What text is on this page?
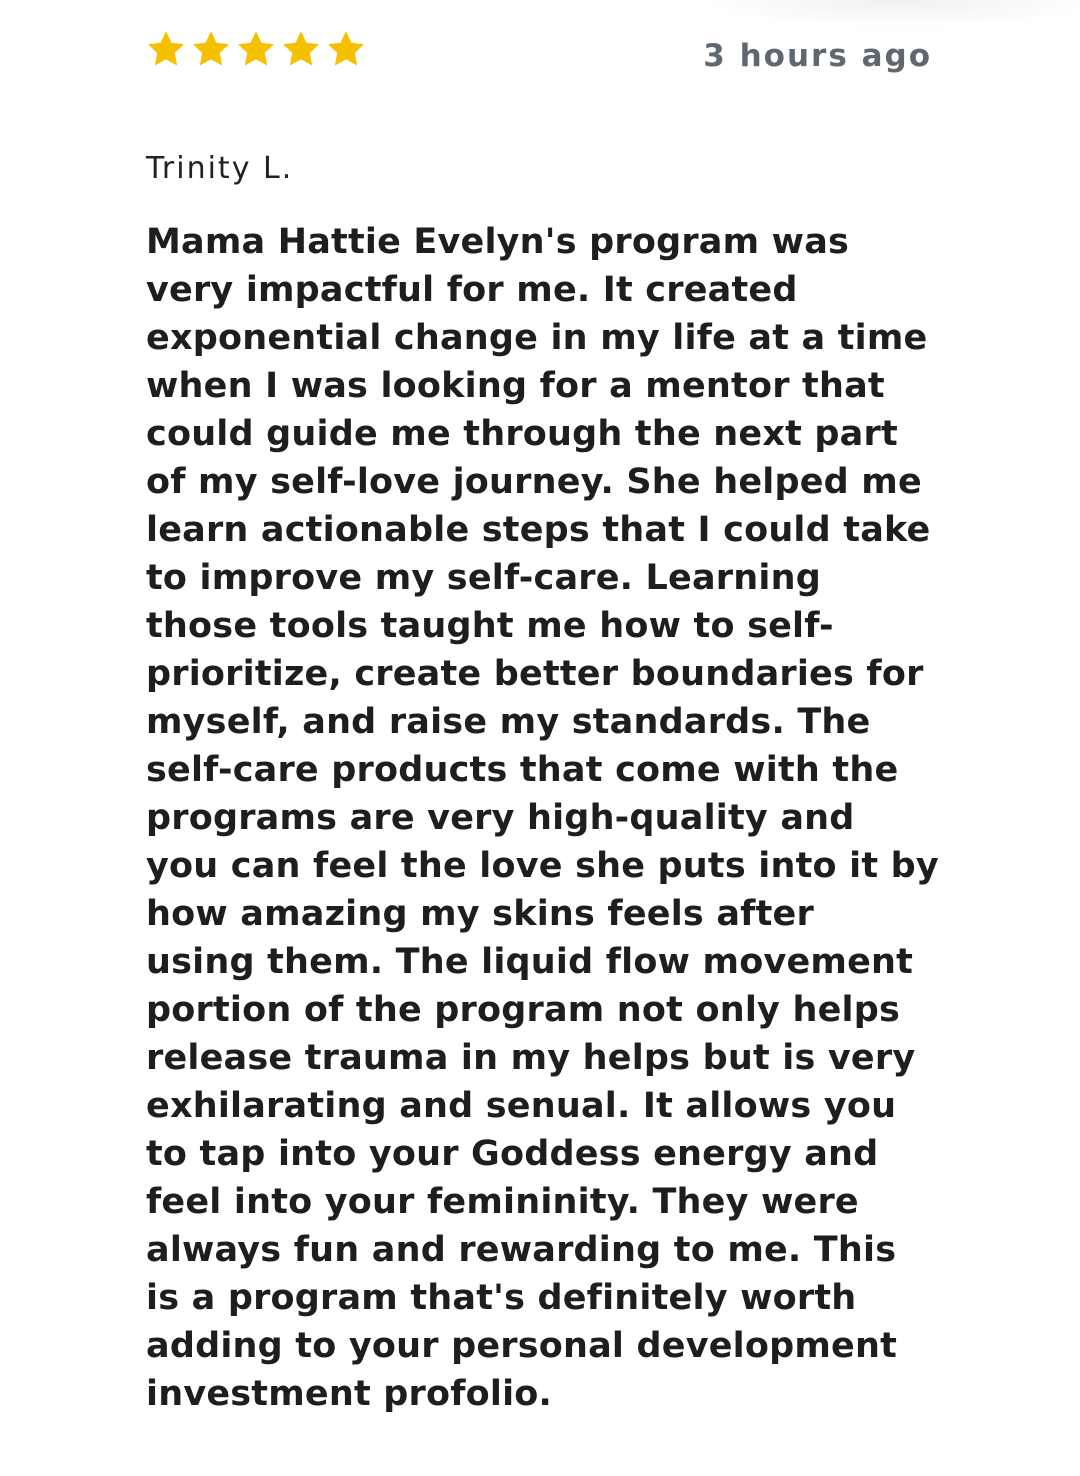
3 hours ago
Trinity L.

Mama Hattie Evelyn's program was
very impactful for me. It created
exponential change in my life at a time
when I was looking for a mentor that
could guide me through the next part
of my self-love journey. She helped me
learn actionable steps that I could take
to improve my self-care. Learning
those tools taught me how to self-
prioritize, create better boundaries for
myself, and raise my standards. The
self-care products that come with the
programs are very high-quality and
you can feel the love she puts into it by
how amazing my skins feels after
using them. The liquid flow movement
portion of the program not only helps
release trauma in my helps but is very
exhilarating and senual. It allows you
to tap into your Goddess energy and
feel into your femininity. They were
always fun and rewarding to me. This
is a program that's definitely worth
adding to your personal development
investment profolio.
